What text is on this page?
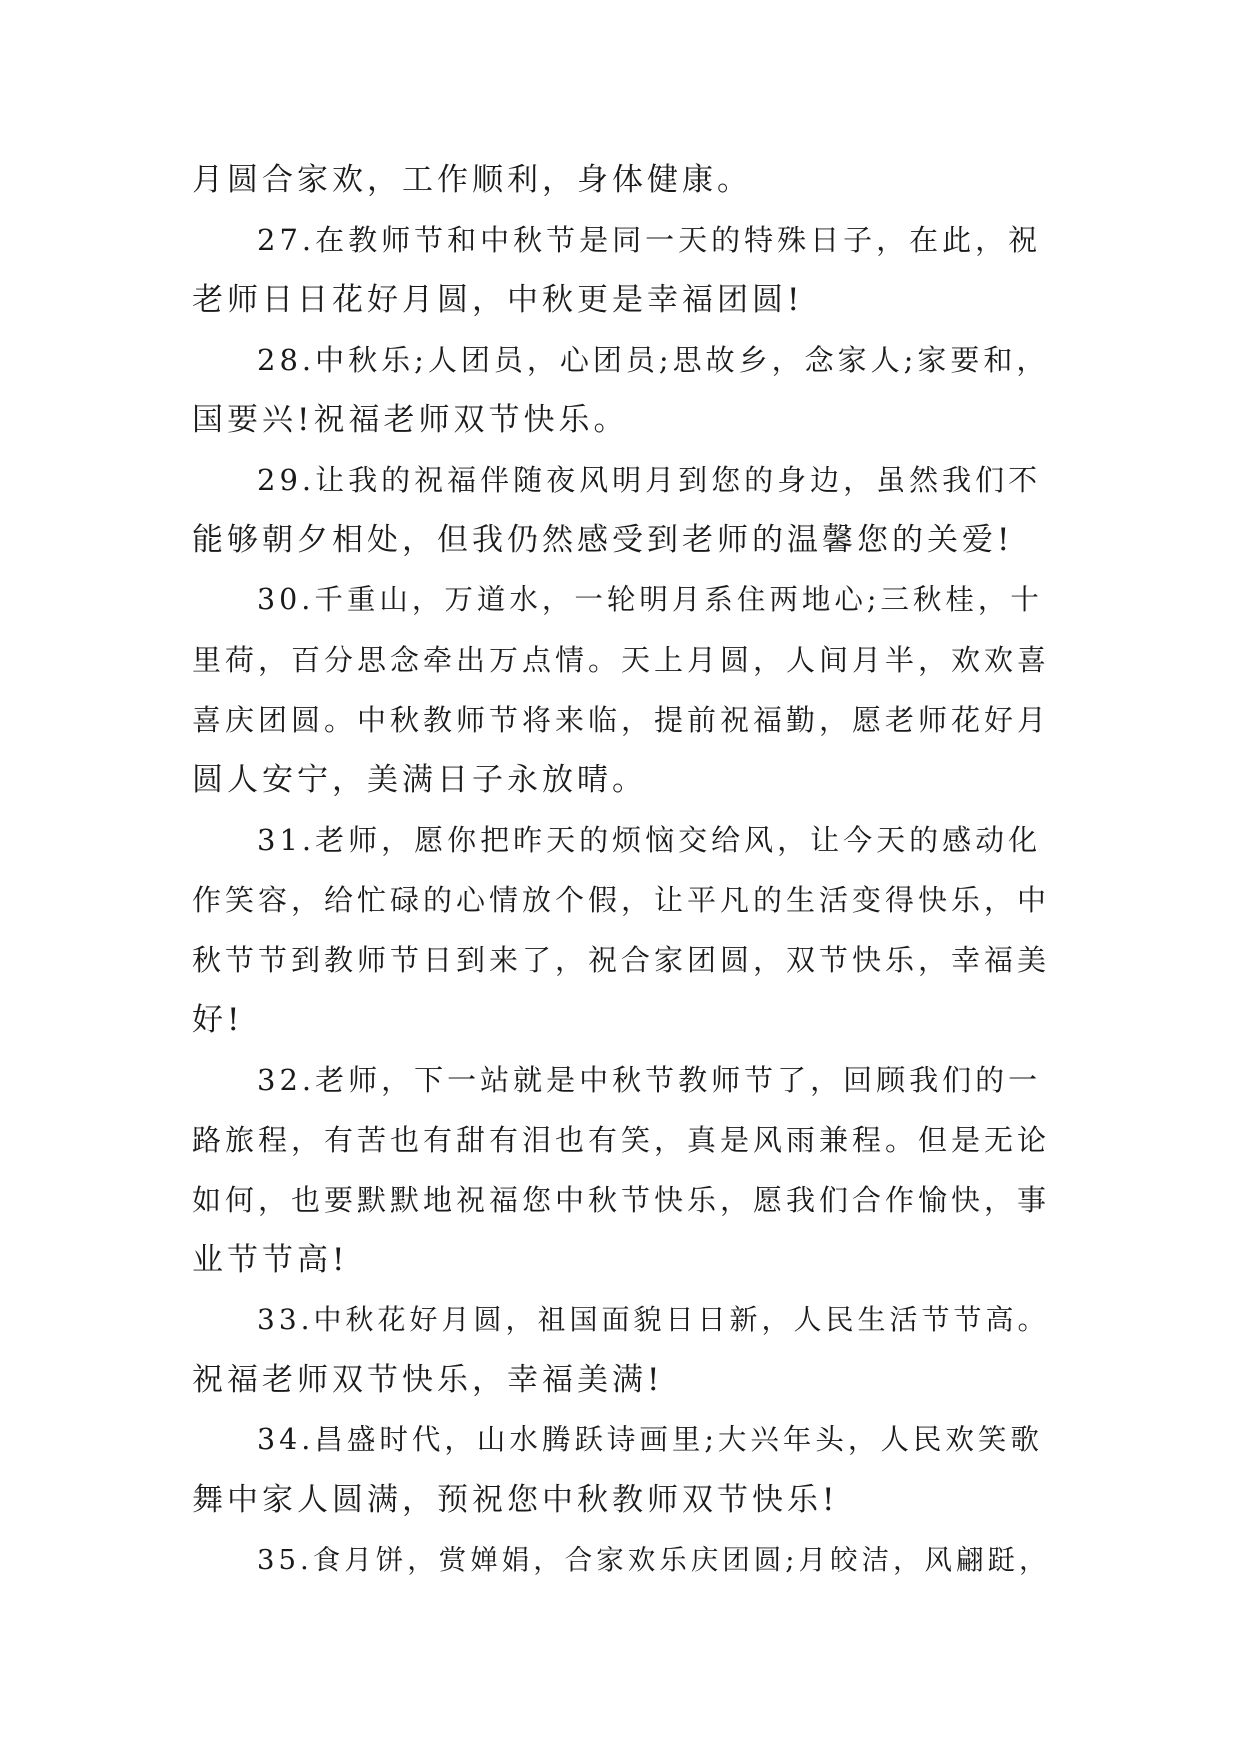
月圆合家欢，工作顺利，身体健康。
27.在教师节和中秋节是同一天的特殊日子，在此，祝
老师日日花好月圆，中秋更是幸福团圆!
28.中秋乐;人团员，心团员;思故乡，念家人;家要和，
国要兴!祝福老师双节快乐。
29.让我的祝福伴随夜风明月到您的身边，虽然我们不
能够朝夕相处，但我仍然感受到老师的温馨您的关爱!
30.千重山，万道水，一轮明月系住两地心;三秋桂，十
里荷，百分思念牵出万点情。天上月圆，人间月半，欢欢喜
喜庆团圆。中秋教师节将来临，提前祝福勤，愿老师花好月
圆人安宁，美满日子永放晴。
31.老师，愿你把昨天的烦恼交给风，让今天的感动化
作笑容，给忙碌的心情放个假，让平凡的生活变得快乐，中
秋节节到教师节日到来了，祝合家团圆，双节快乐，幸福美
好!
32.老师，下一站就是中秋节教师节了，回顾我们的一
路旅程，有苦也有甜有泪也有笑，真是风雨兼程。但是无论
如何，也要默默地祝福您中秋节快乐，愿我们合作愉快，事
业节节高!
33.中秋花好月圆，祖国面貌日日新，人民生活节节高。
祝福老师双节快乐，幸福美满!
34.昌盛时代，山水腾跃诗画里;大兴年头，人民欢笑歌
舞中家人圆满，预祝您中秋教师双节快乐!
35.食月饼，赏婵娟，合家欢乐庆团圆;月皎洁，风翩跹，
